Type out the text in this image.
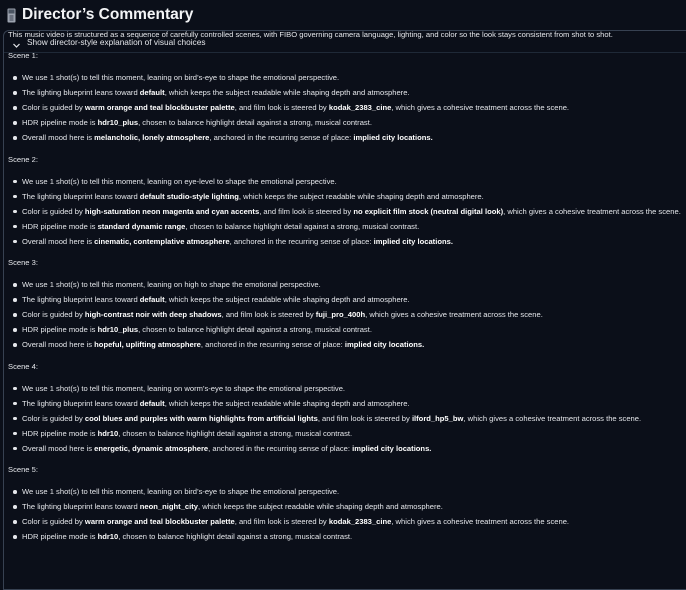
Director’s Commentary
Show director-style explanation of visual choices

This music video is structured as a sequence of carefully controlled scenes, with FIBO governing camera language, lighting, and color so the look stays consistent from shot to shot.

Scene 1:

We use 1 shot(s) to tell this moment, leaning on bird’s-eye to shape the emotional perspective.
The lighting blueprint leans toward default, which keeps the subject readable while shaping depth and atmosphere.
Color is guided by warm orange and teal blockbuster palette, and film look is steered by kodak_2383_cine, which gives a cohesive treatment across the scene.
HDR pipeline mode is hdr10_plus, chosen to balance highlight detail against a strong, musical contrast.
Overall mood here is melancholic, lonely atmosphere, anchored in the recurring sense of place: implied city locations.

Scene 2:

We use 1 shot(s) to tell this moment, leaning on eye-level to shape the emotional perspective.
The lighting blueprint leans toward default studio-style lighting, which keeps the subject readable while shaping depth and atmosphere.
Color is guided by high-saturation neon magenta and cyan accents, and film look is steered by no explicit film stock (neutral digital look), which gives a cohesive treatment across the scene.
HDR pipeline mode is standard dynamic range, chosen to balance highlight detail against a strong, musical contrast.
Overall mood here is cinematic, contemplative atmosphere, anchored in the recurring sense of place: implied city locations.

Scene 3:

We use 1 shot(s) to tell this moment, leaning on high to shape the emotional perspective.
The lighting blueprint leans toward default, which keeps the subject readable while shaping depth and atmosphere.
Color is guided by high-contrast noir with deep shadows, and film look is steered by fuji_pro_400h, which gives a cohesive treatment across the scene.
HDR pipeline mode is hdr10_plus, chosen to balance highlight detail against a strong, musical contrast.
Overall mood here is hopeful, uplifting atmosphere, anchored in the recurring sense of place: implied city locations.

Scene 4:

We use 1 shot(s) to tell this moment, leaning on worm’s-eye to shape the emotional perspective.
The lighting blueprint leans toward default, which keeps the subject readable while shaping depth and atmosphere.
Color is guided by cool blues and purples with warm highlights from artificial lights, and film look is steered by ilford_hp5_bw, which gives a cohesive treatment across the scene.
HDR pipeline mode is hdr10, chosen to balance highlight detail against a strong, musical contrast.
Overall mood here is energetic, dynamic atmosphere, anchored in the recurring sense of place: implied city locations.

Scene 5:

We use 1 shot(s) to tell this moment, leaning on bird’s-eye to shape the emotional perspective.
The lighting blueprint leans toward neon_night_city, which keeps the subject readable while shaping depth and atmosphere.
Color is guided by warm orange and teal blockbuster palette, and film look is steered by kodak_2383_cine, which gives a cohesive treatment across the scene.
HDR pipeline mode is hdr10, chosen to balance highlight detail against a strong, musical contrast.
